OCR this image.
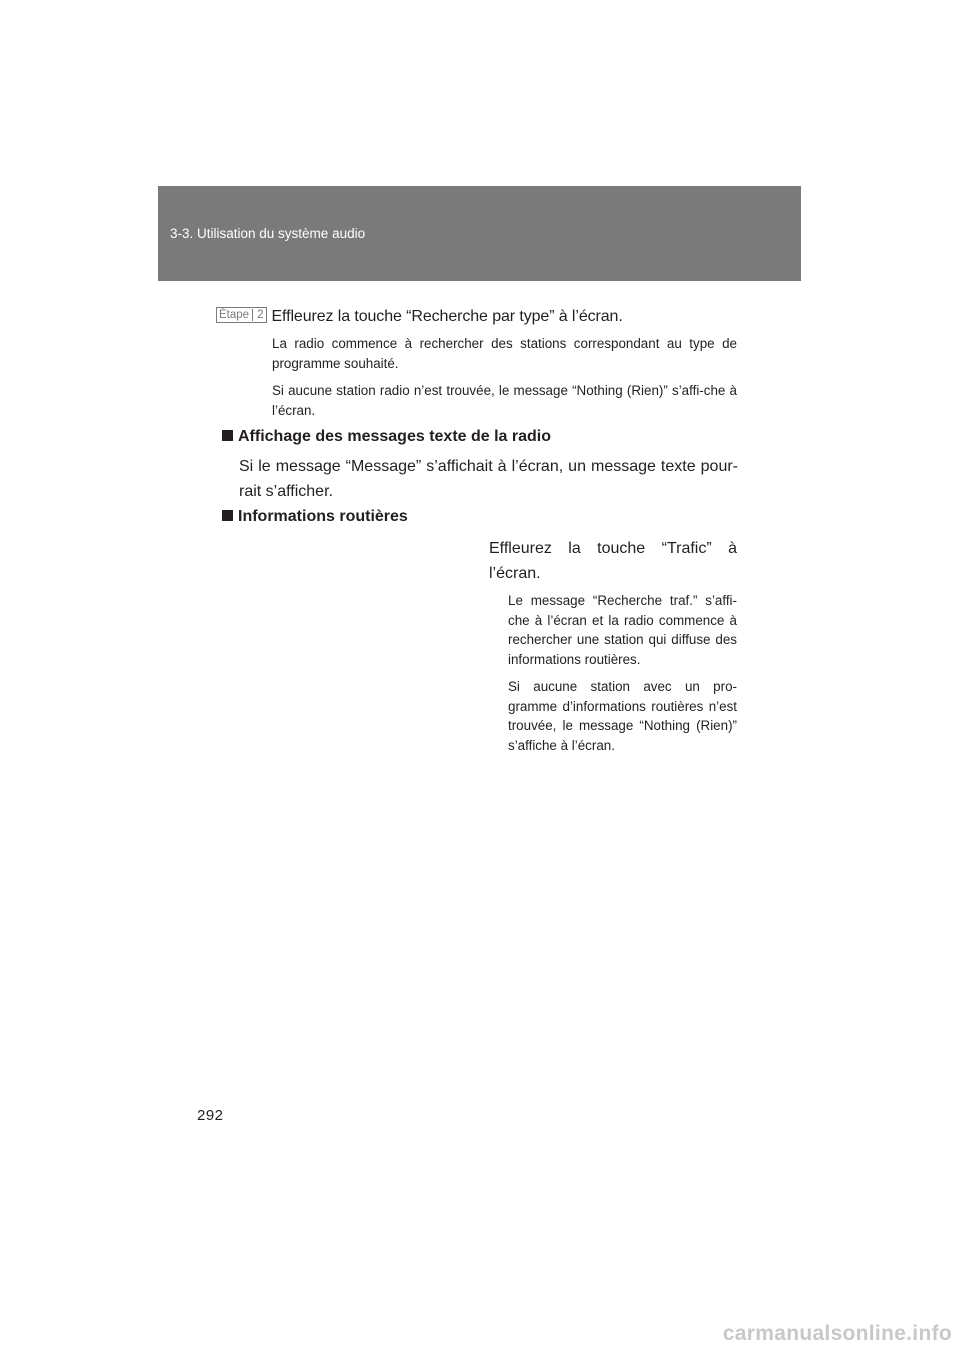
3-3. Utilisation du système audio
Étape 2 Effleurez la touche “Recherche par type” à l’écran.
La radio commence à rechercher des stations correspondant au type de programme souhaité.
Si aucune station radio n’est trouvée, le message “Nothing (Rien)” s’affi-che à l’écran.
Affichage des messages texte de la radio
Si le message “Message” s’affichait à l’écran, un message texte pour-rait s’afficher.
Informations routières
Effleurez la touche “Trafic” à l’écran.
Le message “Recherche traf.” s’affi-che à l’écran et la radio commence à rechercher une station qui diffuse des informations routières.
Si aucune station avec un pro-gramme d’informations routières n’est trouvée, le message “Nothing (Rien)” s’affiche à l’écran.
292
carmanualsonline.info
